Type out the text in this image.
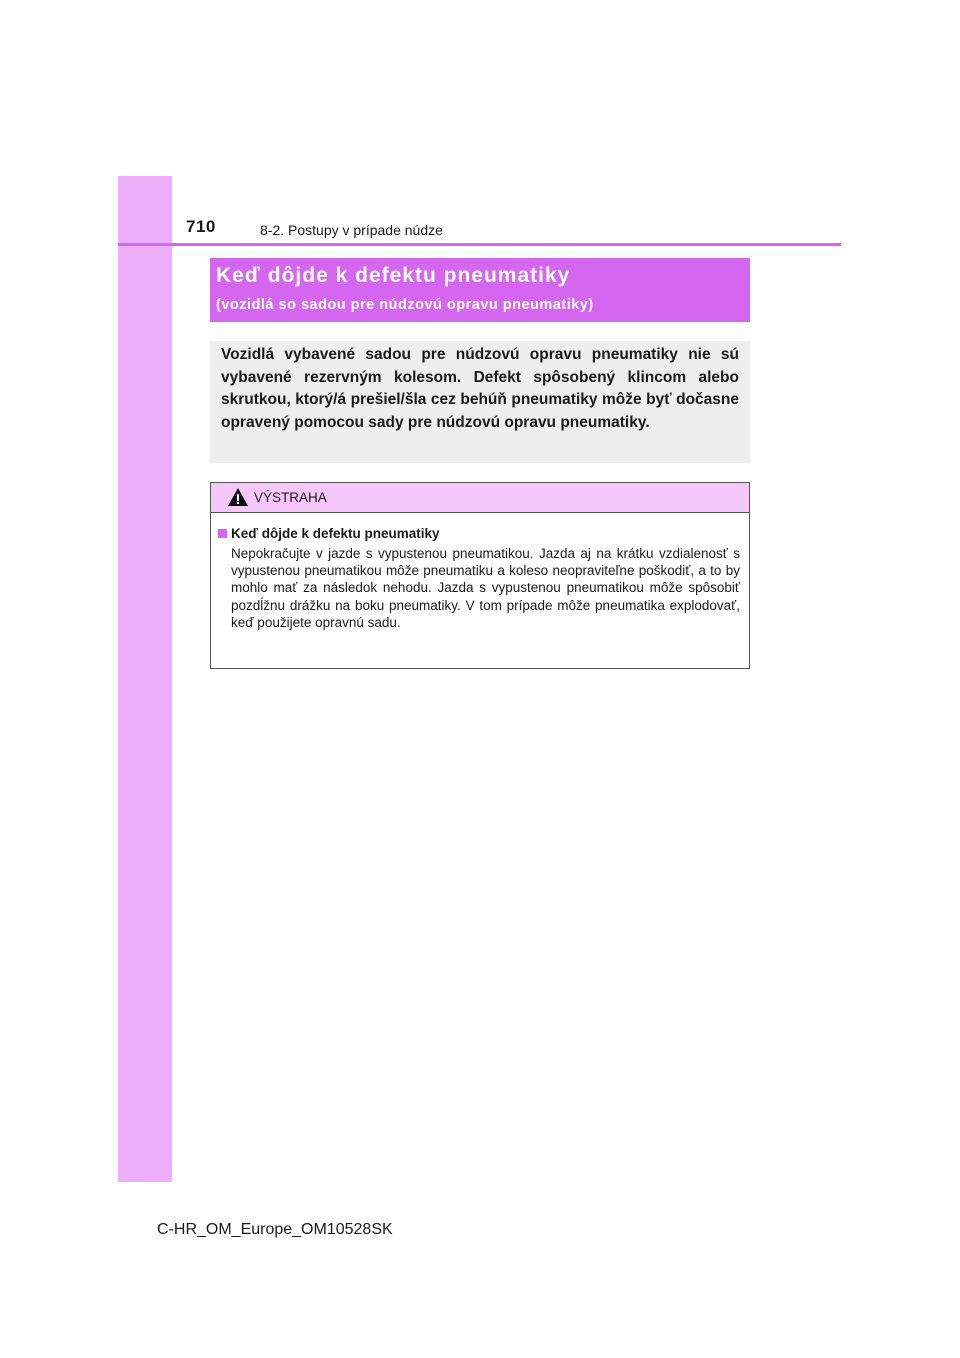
710	8-2. Postupy v prípade núdze
Keď dôjde k defektu pneumatiky
(vozidlá so sadou pre núdzovú opravu pneumatiky)

Vozidlá vybavené sadou pre núdzovú opravu pneumatiky nie sú vybavené rezervným kolesom. Defekt spôsobený klincom alebo skrutkou, ktorý/á prešiel/šla cez behúň pneumatiky môže byť dočasne opravený pomocou sady pre núdzovú opravu pneumatiky.

VÝSTRAHA
Keď dôjde k defektu pneumatiky

Nepokračujte v jazde s vypustenou pneumatikou. Jazda aj na krátku vzdialenosť s vypustenou pneumatikou môže pneumatiku a koleso neopraviteľne poškodiť, a to by mohlo mať za následok nehodu. Jazda s vypustenou pneumatikou môže spôsobiť pozdĺžnu drážku na boku pneumatiky. V tom prípade môže pneumatika explodovať, keď použijete opravnú sadu.

C-HR_OM_Europe_OM10528SK
